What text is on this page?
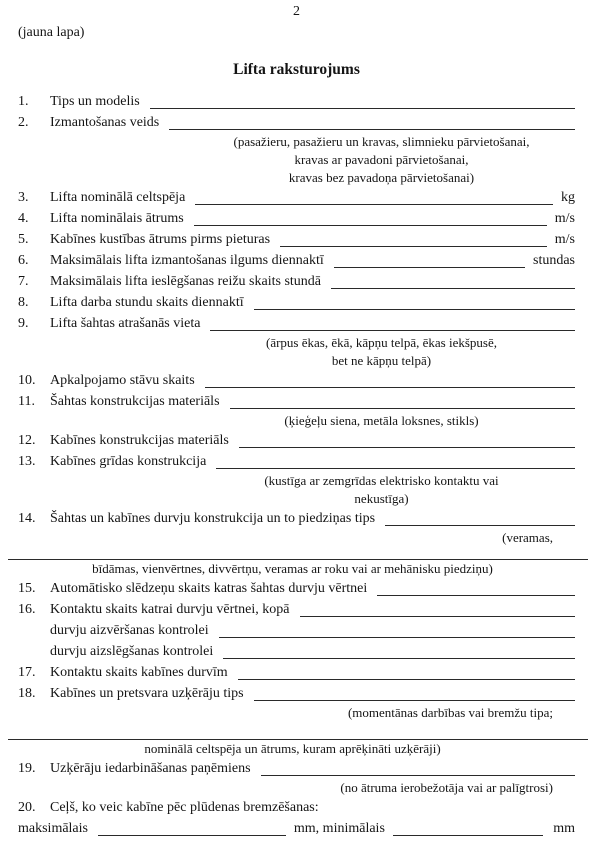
2
(jauna lapa)
Lifta raksturojums
1.	Tips un modelis
2.	Izmantošanas veids
(pasažieru, pasažieru un kravas, slimnieku pārvietošanai,
kravas ar pavadoni pārvietošanai,
kravas bez pavadoņa pārvietošanai)
3.	Lifta nominālā celtspēja	kg
4.	Lifta nominālais ātrums	m/s
5.	Kabīnes kustības ātrums pirms pieturas	m/s
6.	Maksimālais lifta izmantošanas ilgums diennaktī	stundas
7.	Maksimālais lifta ieslēgšanas reižu skaits stundā
8.	Lifta darba stundu skaits diennaktī
9.	Lifta šahtas atrašanās vieta
(ārpus ēkas, ēkā, kāpņu telpā, ēkas iekšpusē,
bet ne kāpņu telpā)
10.	Apkalpojamo stāvu skaits
11.	Šahtas konstrukcijas materiāls
(ķieģeļu siena, metāla loksnes, stikls)
12.	Kabīnes konstrukcijas materiāls
13.	Kabīnes grīdas konstrukcija
(kustīga ar zemgrīdas elektrisko kontaktu vai
nekustīga)
14.	Šahtas un kabīnes durvju konstrukcija un to piedziņas tips
(veramas,
bīdāmas, vienvērtnes, divvērtņu, veramas ar roku vai ar mehānisku piedziņu)
15.	Automātisko slēdzeņu skaits katras šahtas durvju vērtnei
16.	Kontaktu skaits katrai durvju vērtnei, kopā
durvju aizvēršanas kontrolei
durvju aizslēgšanas kontrolei
17.	Kontaktu skaits kabīnes durvīm
18.	Kabīnes un pretsvara uzķērāju tips
(momentānas darbības vai bremžu tipa;
nominālā celtspēja un ātrums, kuram aprēķināti uzķērāji)
19.	Uzķērāju iedarbināšanas paņēmiens
(no ātruma ierobežotāja vai ar palīgtrosi)
20.	Ceļš, ko veic kabīne pēc plūdenas bremzēšanas:
maksimālais	mm, minimālais	mm
